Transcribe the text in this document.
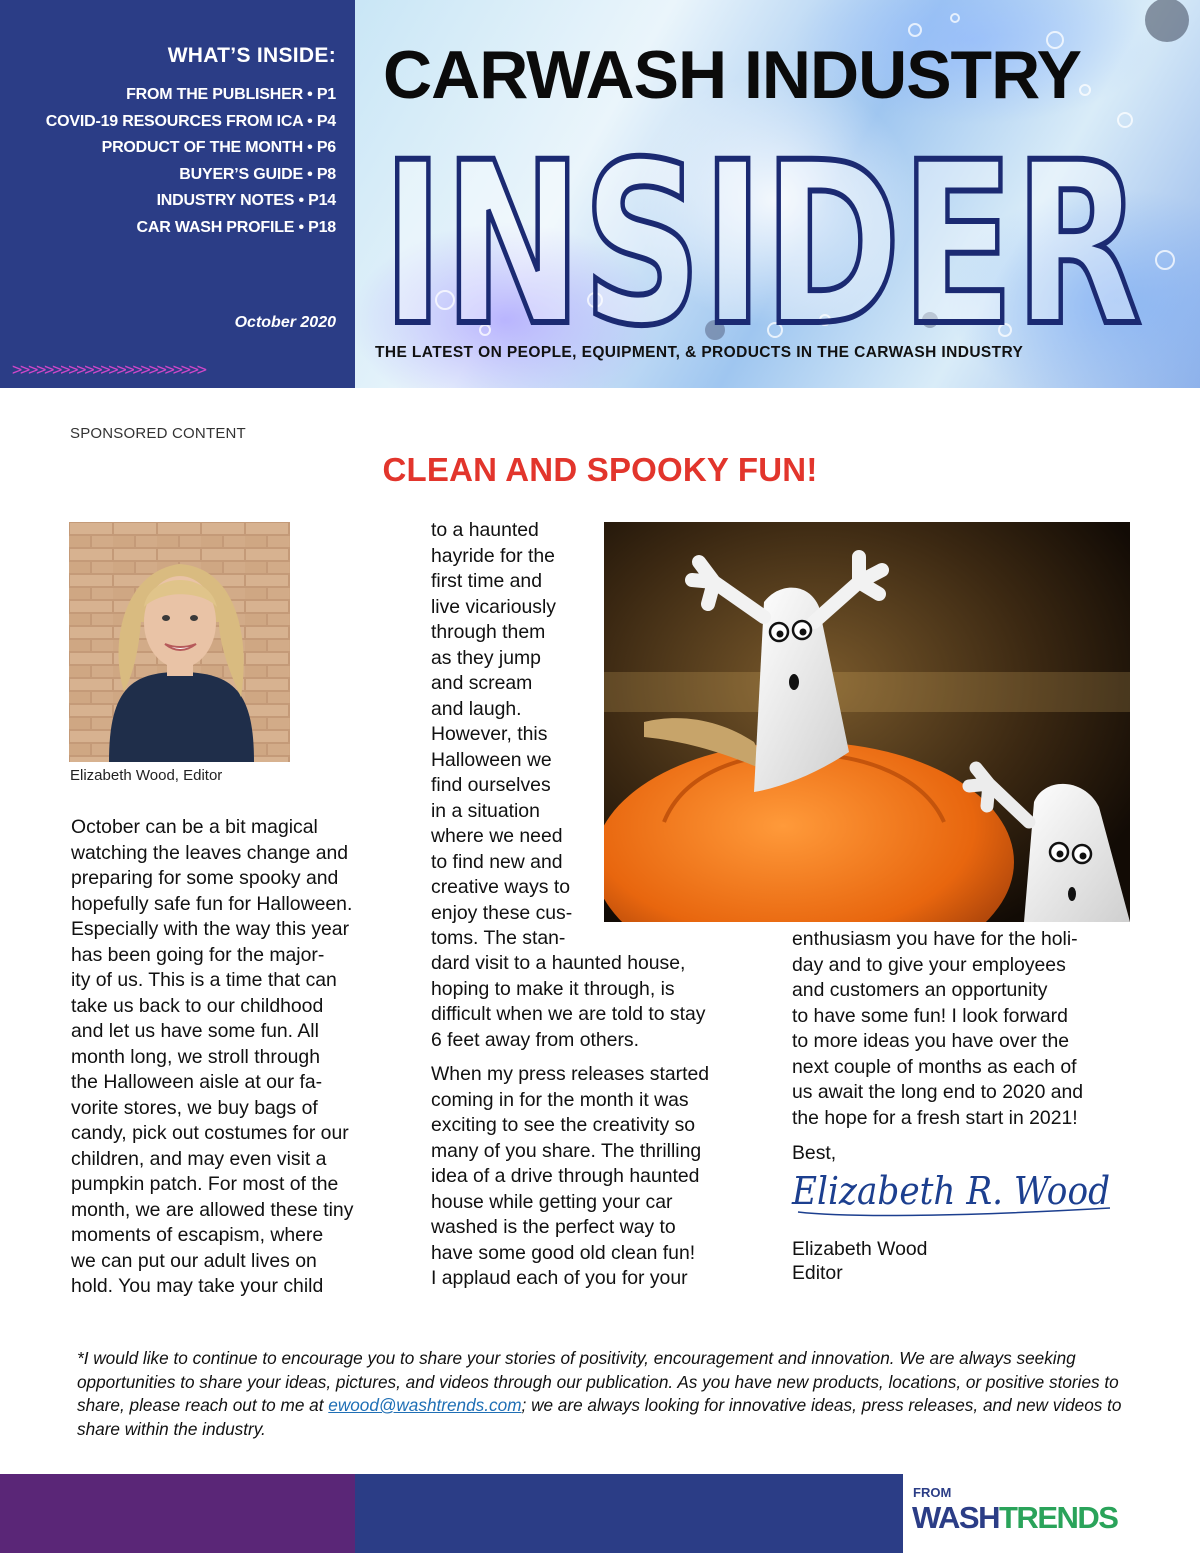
WHAT’S INSIDE:
FROM THE PUBLISHER • P1
COVID-19 RESOURCES FROM ICA • P4
PRODUCT OF THE MONTH • P6
BUYER’S GUIDE • P8
INDUSTRY NOTES • P14
CAR WASH PROFILE • P18
October 2020
>>>>>>>>>>>>>>>>>>>>>>>> INSIDER
CARWASH INDUSTRY
THE LATEST ON PEOPLE, EQUIPMENT, & PRODUCTS IN THE CARWASH INDUSTRY
SPONSORED CONTENT
CLEAN AND SPOOKY FUN!
Elizabeth Wood, Editor

October can be a bit magical

watching the leaves change and

preparing for some spooky and

hopefully safe fun for Halloween.

Especially with the way this year

has been going for the major-

ity of us. This is a time that can

take us back to our childhood

and let us have some fun. All

month long, we stroll through

the Halloween aisle at our fa-

vorite stores, we buy bags of

candy, pick out costumes for our

children, and may even visit a

pumpkin patch. For most of the

month, we are allowed these tiny

moments of escapism, where

we can put our adult lives on

hold. You may take your child

to a haunted

hayride for the

first time and

live vicariously

through them

as they jump

and scream

and laugh.

However, this

Halloween we

find ourselves

in a situation

where we need

to find new and

creative ways to

enjoy these cus-

toms. The stan-

dard visit to a haunted house,

hoping to make it through, is

difficult when we are told to stay

6 feet away from others.

When my press releases started

coming in for the month it was

exciting to see the creativity so

many of you share. The thrilling

idea of a drive through haunted

house while getting your car

washed is the perfect way to

have some good old clean fun!

I applaud each of you for your

enthusiasm you have for the holi-

day and to give your employees

and customers an opportunity

to have some fun! I look forward

to more ideas you have over the

next couple of months as each of

us await the long end to 2020 and

the hope for a fresh start in 2021!

Best,

Elizabeth R. Wood
Elizabeth Wood
Editor

*I would like to continue to encourage you to share your stories of positivity, encouragement and innovation. We are always seeking opportunities to share your ideas, pictures, and videos through our publication. As you have new products, locations, or positive stories to share, please reach out to me at ewood@washtrends.com; we are always looking for innovative ideas, press releases, and new videos to share within the industry.

FROM
WASHTRENDS
